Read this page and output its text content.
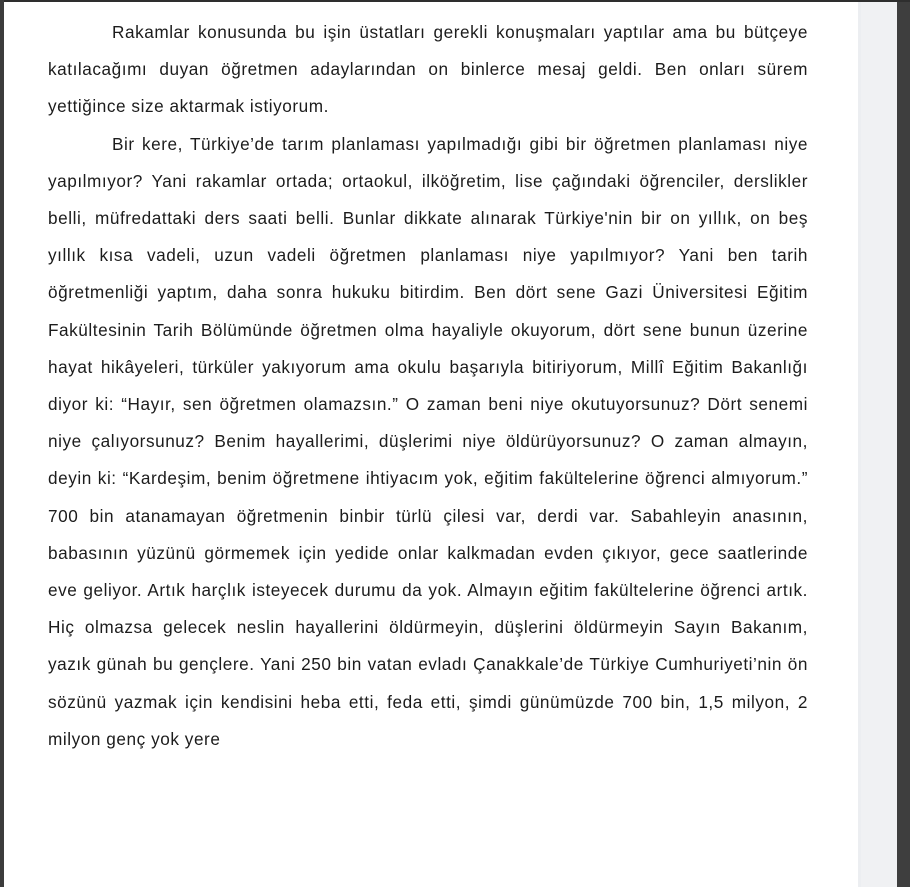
Rakamlar konusunda bu işin üstatları gerekli konuşmaları yaptılar ama bu bütçeye katılacağımı duyan öğretmen adaylarından on binlerce mesaj geldi. Ben onları sürem yettiğince size aktarmak istiyorum.

Bir kere, Türkiye’de tarım planlaması yapılmadığı gibi bir öğretmen planlaması niye yapılmıyor? Yani rakamlar ortada; ortaokul, ilköğretim, lise çağındaki öğrenciler, derslikler belli, müfredattaki ders saati belli. Bunlar dikkate alınarak Türkiye'nin bir on yıllık, on beş yıllık kısa vadeli, uzun vadeli öğretmen planlaması niye yapılmıyor? Yani ben tarih öğretmenliği yaptım, daha sonra hukuku bitirdim. Ben dört sene Gazi Üniversitesi Eğitim Fakültesinin Tarih Bölümünde öğretmen olma hayaliyle okuyorum, dört sene bunun üzerine hayat hikâyeleri, türküler yakıyorum ama okulu başarıyla bitiriyorum, Millî Eğitim Bakanlığı diyor ki: “Hayır, sen öğretmen olamazsın.” O zaman beni niye okutuyorsunuz? Dört senemi niye çalıyorsunuz? Benim hayallerimi, düşlerimi niye öldürüyorsunuz? O zaman almayın, deyin ki: “Kardeşim, benim öğretmene ihtiyacım yok, eğitim fakültelerine öğrenci almıyorum.” 700 bin atanamayan öğretmenin binbir türlü çilesi var, derdi var. Sabahleyin anasının, babasının yüzünü görmemek için yedide onlar kalkmadan evden çıkıyor, gece saatlerinde eve geliyor. Artık harçlık isteyecek durumu da yok. Almayın eğitim fakültelerine öğrenci artık. Hiç olmazsa gelecek neslin hayallerini öldürmeyin, düşlerini öldürmeyin Sayın Bakanım, yazık günah bu gençlere. Yani 250 bin vatan evladı Çanakkale’de Türkiye Cumhuriyeti’nin ön sözünü yazmak için kendisini heba etti, feda etti, şimdi günümüzde 700 bin, 1,5 milyon, 2 milyon genç yok yere
